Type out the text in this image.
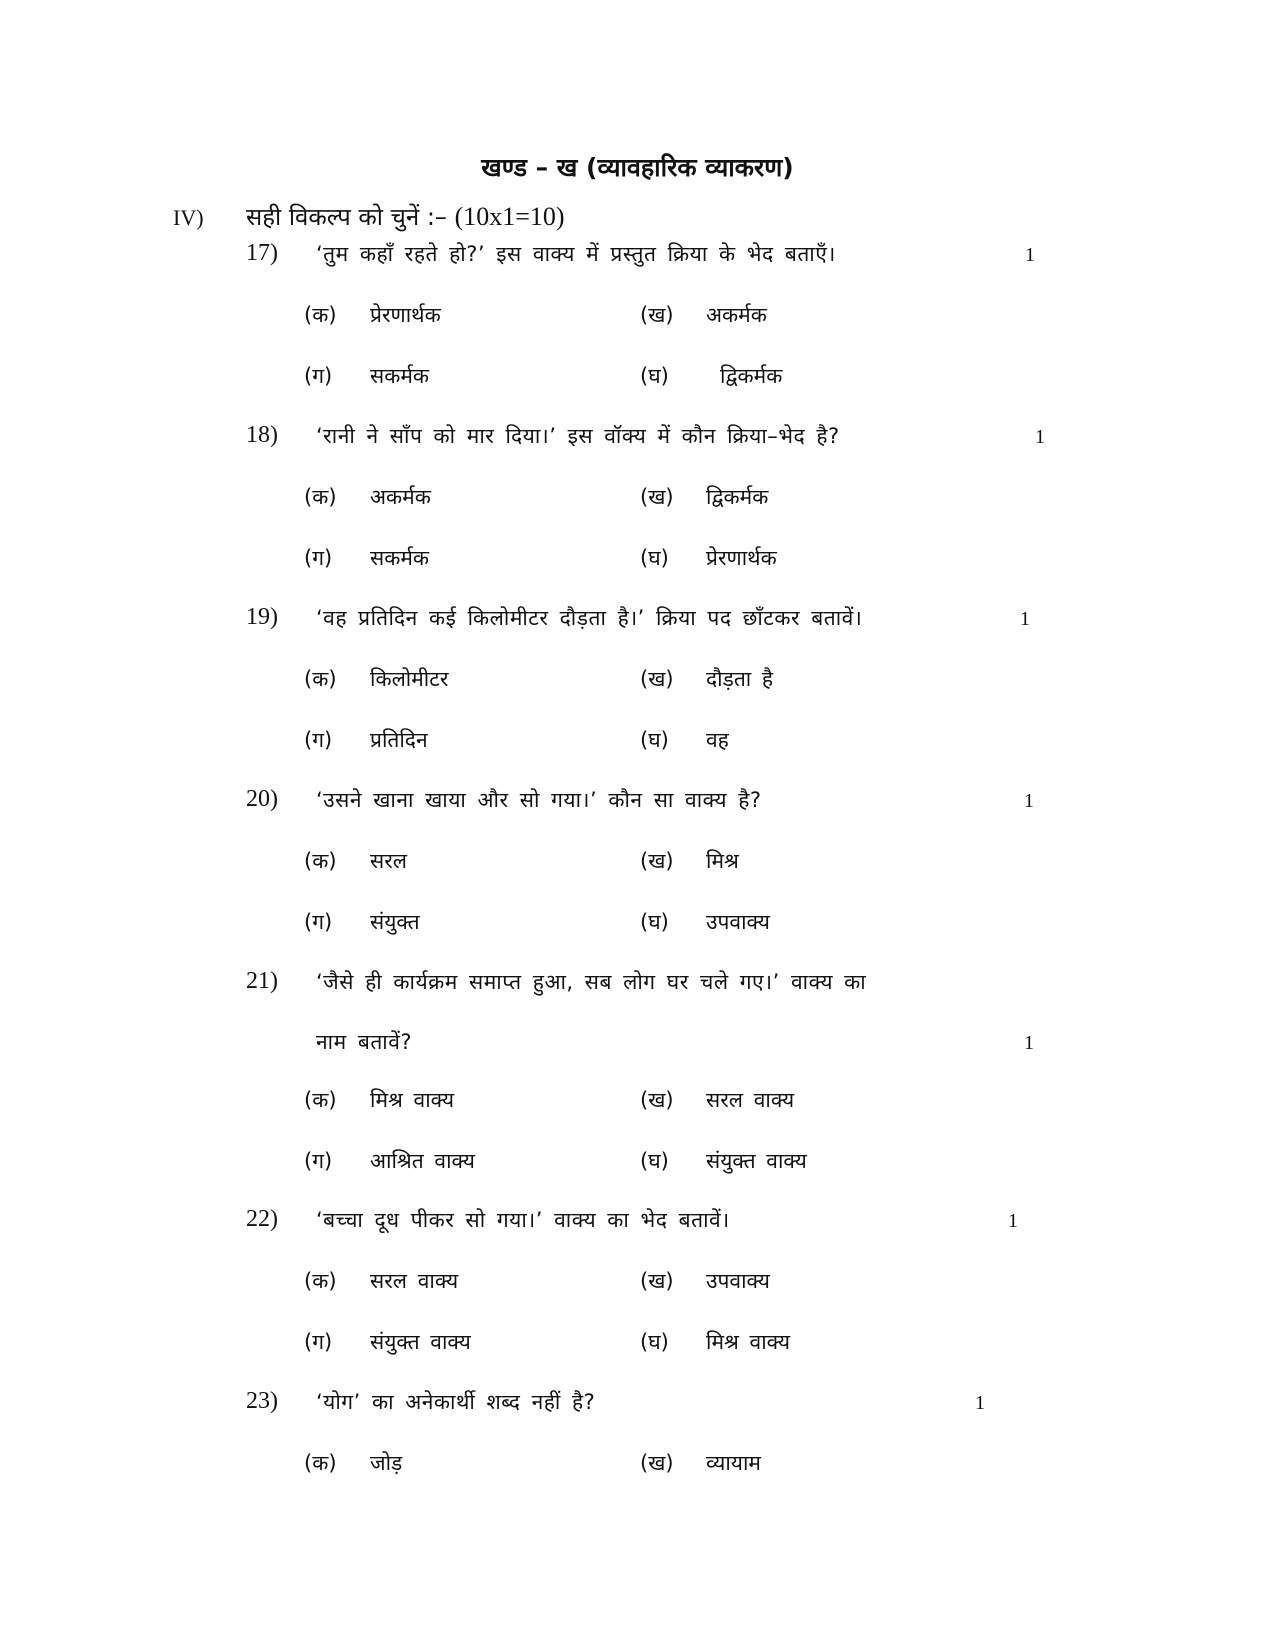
खण्ड – ख (व्यावहारिक व्याकरण)
IV) सही विकल्प को चुनें :– (10x1=10)
17) ‘तुम कहाँ रहते हो?’ इस वाक्य में प्रस्तुत क्रिया के भेद बताएँ।	1
(क) प्रेरणार्थक	(ख) अकर्मक
(ग) सकर्मक	(घ) द्विकर्मक
18) ‘रानी ने साँप को मार दिया।’ इस वॉक्य में कौन क्रिया–भेद है?	1
(क) अकर्मक	(ख) द्विकर्मक
(ग) सकर्मक	(घ) प्रेरणार्थक
19) ‘वह प्रतिदिन कई किलोमीटर दौड़ता है।’ क्रिया पद छाँटकर बतावें।	1
(क) किलोमीटर	(ख) दौड़ता है
(ग) प्रतिदिन	(घ) वह
20) ‘उसने खाना खाया और सो गया।’ कौन सा वाक्य है?	1
(क) सरल	(ख) मिश्र
(ग) संयुक्त	(घ) उपवाक्य
21) ‘जैसे ही कार्यक्रम समाप्त हुआ, सब लोग घर चले गए।’ वाक्य का
नाम बतावें?	1
(क) मिश्र वाक्य	(ख) सरल वाक्य
(ग) आश्रित वाक्य	(घ) संयुक्त वाक्य
22) ‘बच्चा दूध पीकर सो गया।’ वाक्य का भेद बतावें।	1
(क) सरल वाक्य	(ख) उपवाक्य
(ग) संयुक्त वाक्य	(घ) मिश्र वाक्य
23) ‘योग’ का अनेकार्थी शब्द नहीं है?	1
(क) जोड़	(ख) व्यायाम
